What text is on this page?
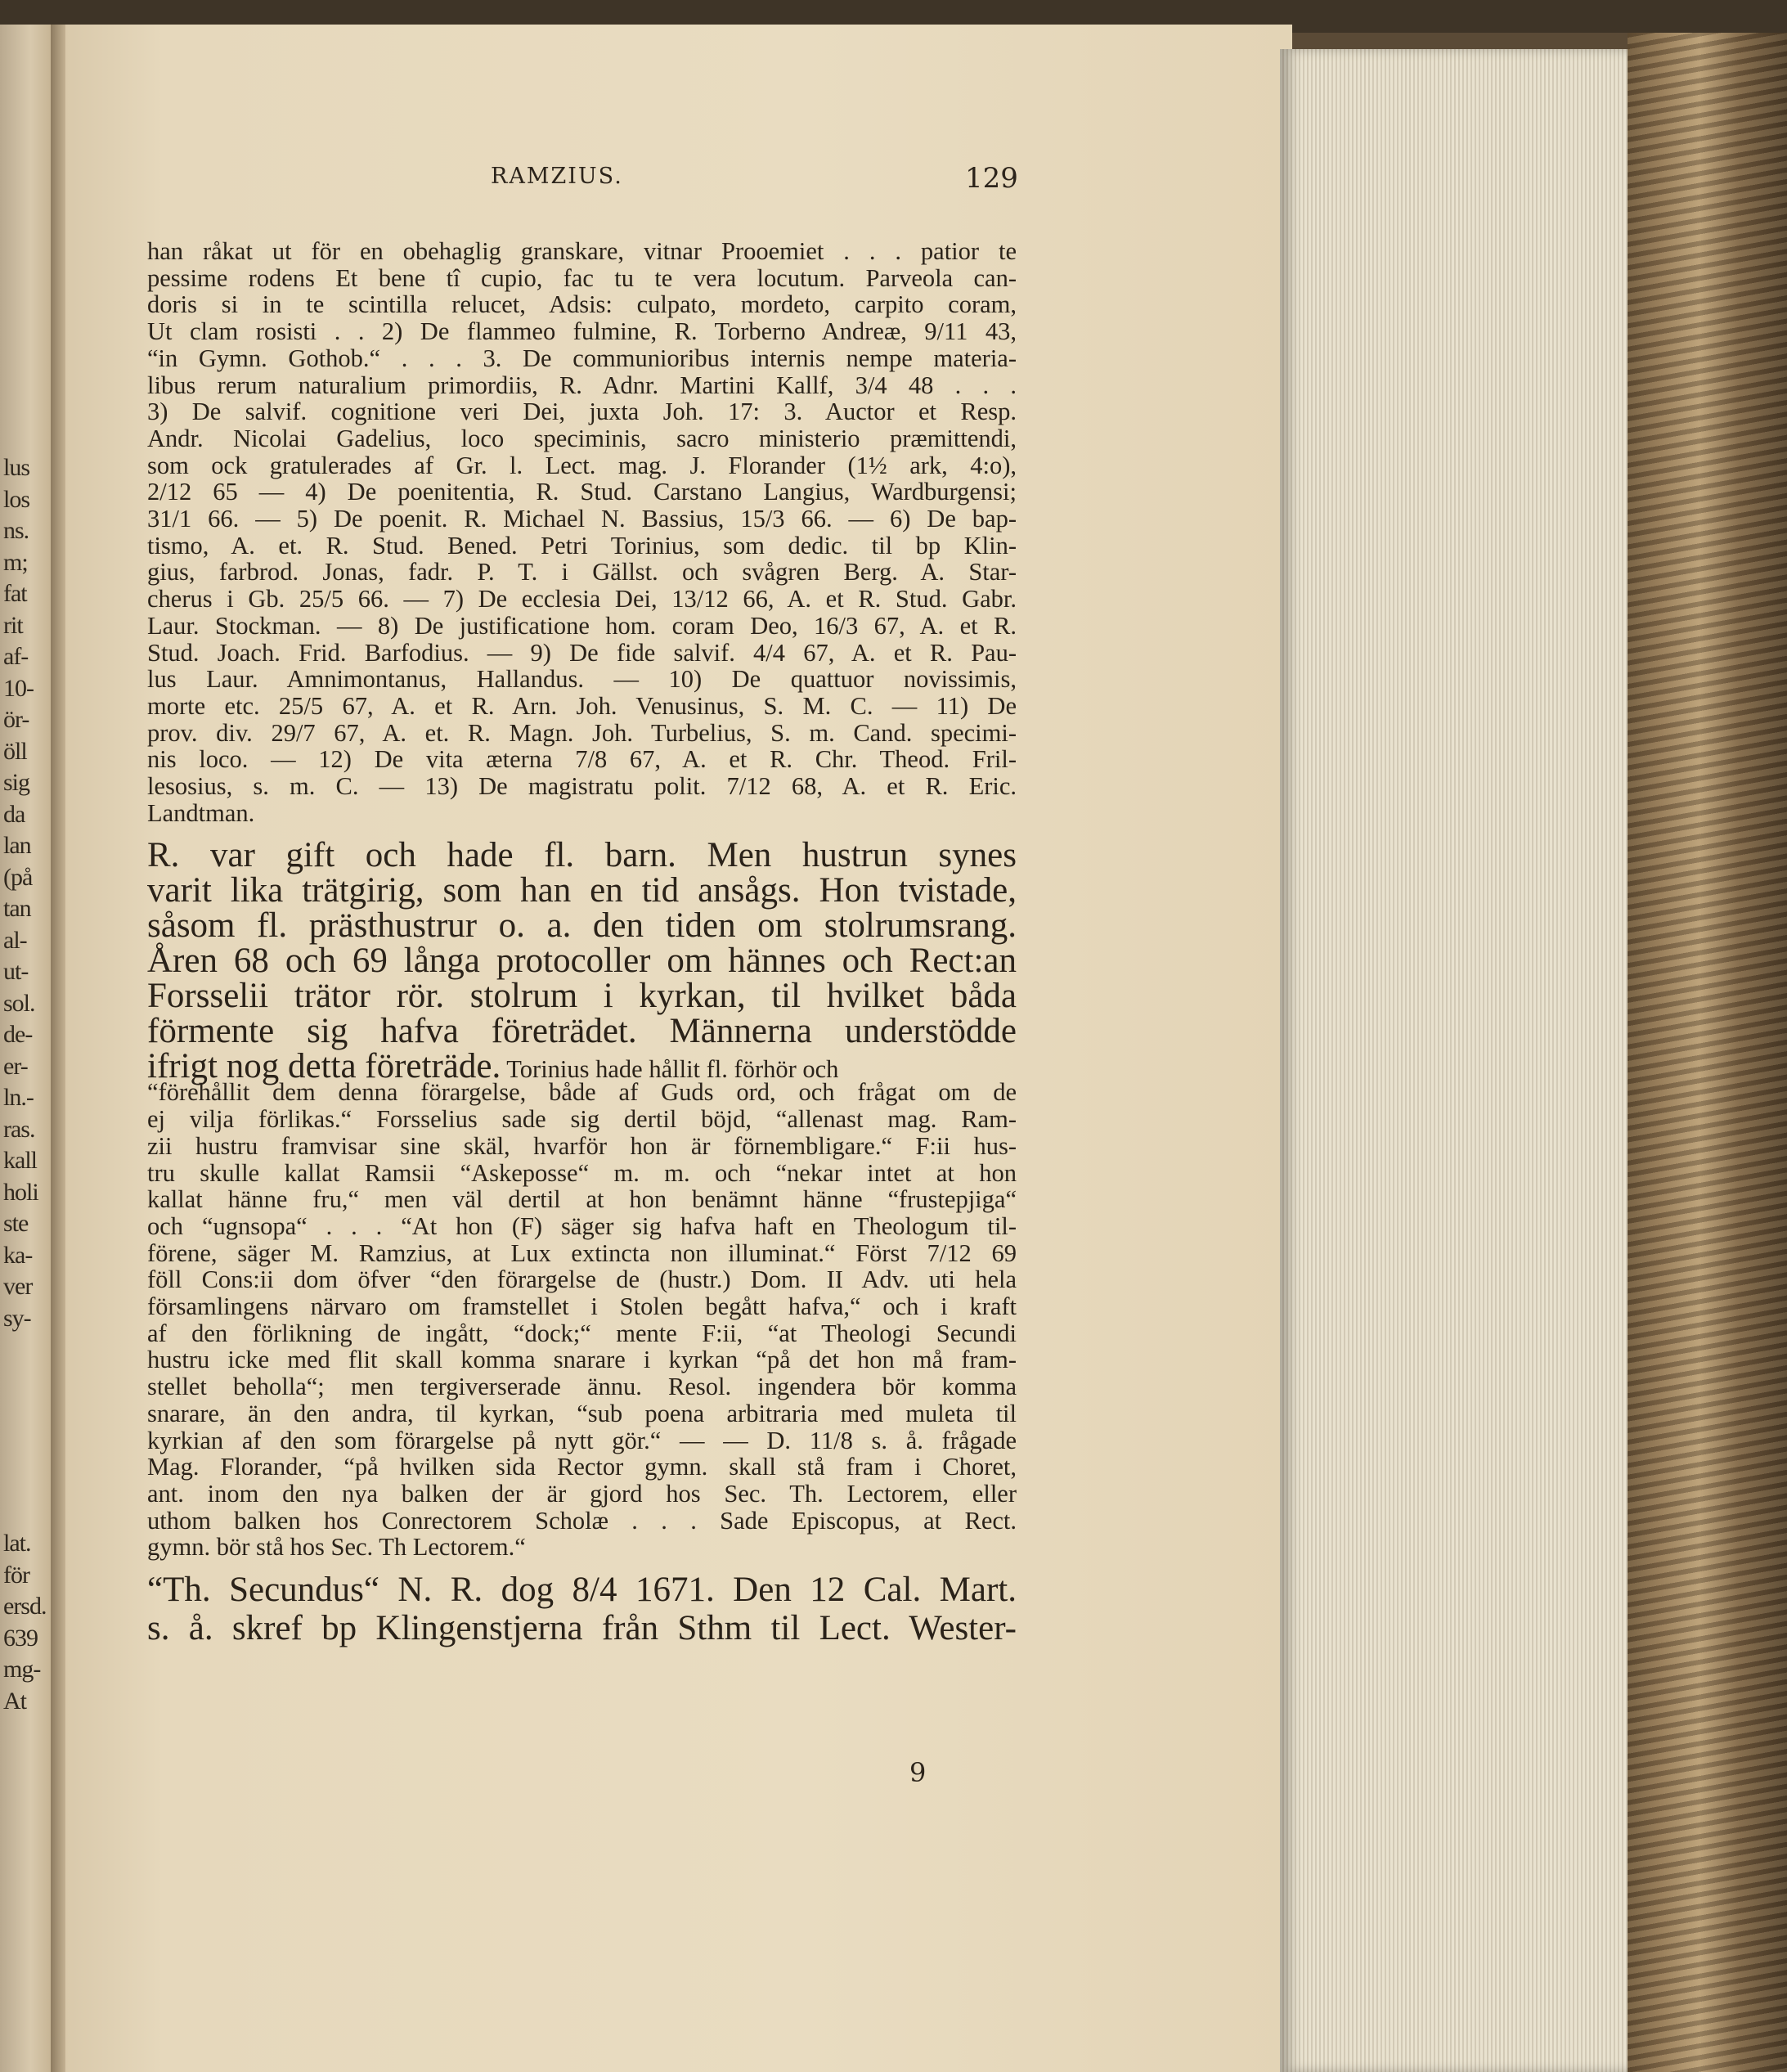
lus
los
ns.
m;
fat
rit
af-
10-
ör-
öll
sig
da
lan
(på
tan
al-
ut-
sol.
de-
er-
ln.-
ras.
kall
holi
ste
ka-
ver
sy-
lat.
för
ersd.
639
mg-
At
RAMZIUS.	129
han råkat ut för en obehaglig granskare, vitnar Prooemiet . . . patior te
pessime rodens Et bene tî cupio, fac tu te vera locutum. Parveola can-
doris si in te scintilla relucet, Adsis: culpato, mordeto, carpito coram,
Ut clam rosisti . . 2) De flammeo fulmine, R. Torberno Andreæ, 9/11 43,
“in Gymn. Gothob.“ . . . 3. De communioribus internis nempe materia-
libus rerum naturalium primordiis, R. Adnr. Martini Kallf, 3/4 48 . . .
3) De salvif. cognitione veri Dei, juxta Joh. 17: 3. Auctor et Resp.
Andr. Nicolai Gadelius, loco speciminis, sacro ministerio præmittendi,
som ock gratulerades af Gr. l. Lect. mag. J. Florander (1½ ark, 4:o),
2/12 65 — 4) De poenitentia, R. Stud. Carstano Langius, Wardburgensi;
31/1 66. — 5) De poenit. R. Michael N. Bassius, 15/3 66. — 6) De bap-
tismo, A. et. R. Stud. Bened. Petri Torinius, som dedic. til bp Klin-
gius, farbrod. Jonas, fadr. P. T. i Gällst. och svågren Berg. A. Star-
cherus i Gb. 25/5 66. — 7) De ecclesia Dei, 13/12 66, A. et R. Stud. Gabr.
Laur. Stockman. — 8) De justificatione hom. coram Deo, 16/3 67, A. et R.
Stud. Joach. Frid. Barfodius. — 9) De fide salvif. 4/4 67, A. et R. Pau-
lus Laur. Amnimontanus, Hallandus. — 10) De quattuor novissimis,
morte etc. 25/5 67, A. et R. Arn. Joh. Venusinus, S. M. C. — 11) De
prov. div. 29/7 67, A. et. R. Magn. Joh. Turbelius, S. m. Cand. specimi-
nis loco. — 12) De vita æterna 7/8 67, A. et R. Chr. Theod. Fril-
lesosius, s. m. C. — 13) De magistratu polit. 7/12 68, A. et R. Eric.
Landtman.
R. var gift och hade fl. barn. Men hustrun synes
varit lika trätgirig, som han en tid ansågs. Hon tvistade,
såsom fl. prästhustrur o. a. den tiden om stolrumsrang.
Åren 68 och 69 långa protocoller om hännes och Rect:an
Forsselii trätor rör. stolrum i kyrkan, til hvilket båda
förmente sig hafva företrädet. Männerna understödde
ifrigt nog detta företräde. Torinius hade hållit fl. förhör och
“förehållit dem denna förargelse, både af Guds ord, och frågat om de
ej vilja förlikas.“ Forsselius sade sig dertil böjd, “allenast mag. Ram-
zii hustru framvisar sine skäl, hvarför hon är förnembligare.“ F:ii hus-
tru skulle kallat Ramsii “Askeposse“ m. m. och “nekar intet at hon
kallat hänne fru,“ men väl dertil at hon benämnt hänne “frustepjiga“
och “ugnsopa“ . . . “At hon (F) säger sig hafva haft en Theologum til-
förene, säger M. Ramzius, at Lux extincta non illuminat.“ Först 7/12 69
föll Cons:ii dom öfver “den förargelse de (hustr.) Dom. II Adv. uti hela
församlingens närvaro om framstellet i Stolen begått hafva,“ och i kraft
af den förlikning de ingått, “dock;“ mente F:ii, “at Theologi Secundi
hustru icke med flit skall komma snarare i kyrkan “på det hon må fram-
stellet beholla“; men tergiverserade ännu. Resol. ingendera bör komma
snarare, än den andra, til kyrkan, “sub poena arbitraria med muleta til
kyrkian af den som förargelse på nytt gör.“ — — D. 11/8 s. å. frågade
Mag. Florander, “på hvilken sida Rector gymn. skall stå fram i Choret,
ant. inom den nya balken der är gjord hos Sec. Th. Lectorem, eller
uthom balken hos Conrectorem Scholæ . . . Sade Episcopus, at Rect.
gymn. bör stå hos Sec. Th Lectorem.“
“Th. Secundus“ N. R. dog 8/4 1671. Den 12 Cal. Mart.
s. å. skref bp Klingenstjerna från Sthm til Lect. Wester-
9
